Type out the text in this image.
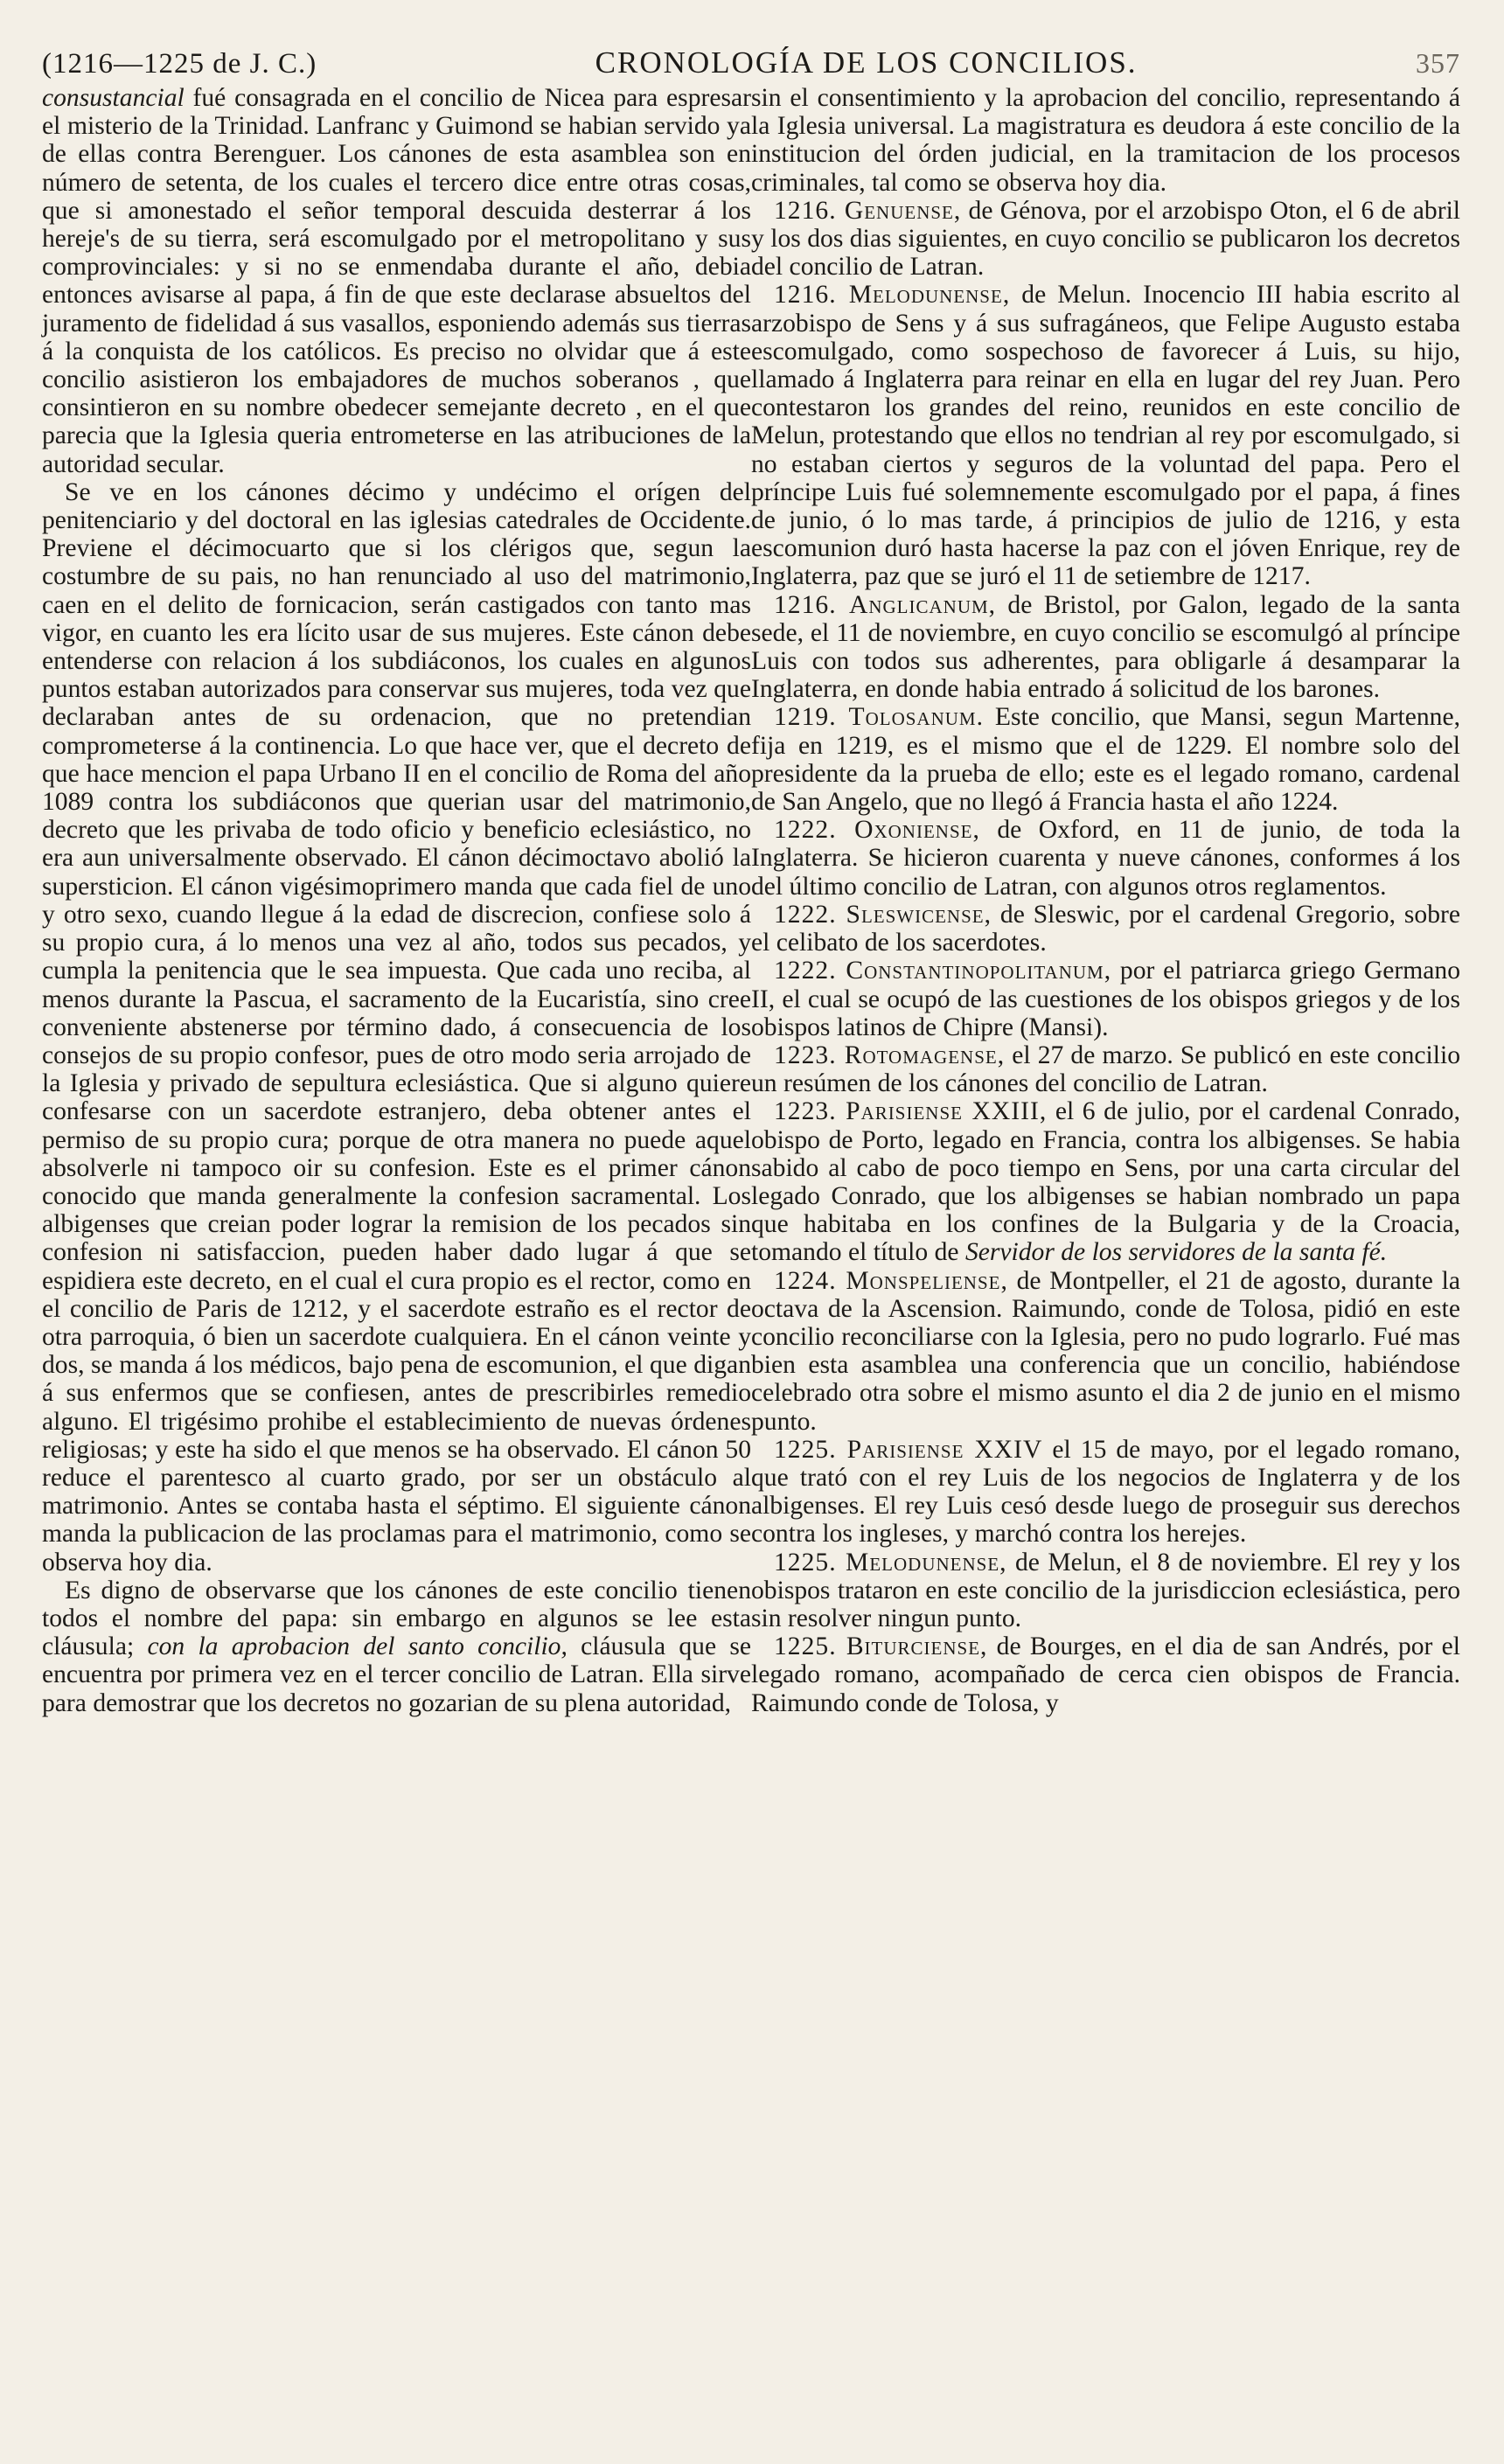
(1216—1225 de J. C.)	CRONOLOGÍA DE LOS CONCILIOS.	357

consustancial fué consagrada en el concilio de Nicea para espresar el misterio de la Trinidad. Lanfranc y Guimond se habian servido ya de ellas contra Berenguer. Los cánones de esta asamblea son en número de setenta, de los cuales el tercero dice entre otras cosas, que si amonestado el señor temporal descuida desterrar á los hereje's de su tierra, será escomulgado por el metropolitano y sus comprovinciales: y si no se enmendaba durante el año, debia entonces avisarse al papa, á fin de que este declarase absueltos del juramento de fidelidad á sus vasallos, esponiendo además sus tierras á la conquista de los católicos. Es preciso no olvidar que á este concilio asistieron los embajadores de muchos soberanos , que consintieron en su nombre obedecer semejante decreto , en el que parecia que la Iglesia queria entrometerse en las atribuciones de la autoridad secular.

Se ve en los cánones décimo y undécimo el orígen del penitenciario y del doctoral en las iglesias catedrales de Occidente. Previene el décimocuarto que si los clérigos que, segun la costumbre de su pais, no han renunciado al uso del matrimonio, caen en el delito de fornicacion, serán castigados con tanto mas vigor, en cuanto les era lícito usar de sus mujeres. Este cánon debe entenderse con relacion á los subdiáconos, los cuales en algunos puntos estaban autorizados para conservar sus mujeres, toda vez que declaraban antes de su ordenacion, que no pretendian comprometerse á la continencia. Lo que hace ver, que el decreto de que hace mencion el papa Urbano II en el concilio de Roma del año 1089 contra los subdiáconos que querian usar del matrimonio, decreto que les privaba de todo oficio y beneficio eclesiástico, no era aun universalmente observado. El cánon décimoctavo abolió la supersticion. El cánon vigésimoprimero manda que cada fiel de uno y otro sexo, cuando llegue á la edad de discrecion, confiese solo á su propio cura, á lo menos una vez al año, todos sus pecados, y cumpla la penitencia que le sea impuesta. Que cada uno reciba, al menos durante la Pascua, el sacramento de la Eucaristía, sino cree conveniente abstenerse por término dado, á consecuencia de los consejos de su propio confesor, pues de otro modo seria arrojado de la Iglesia y privado de sepultura eclesiástica. Que si alguno quiere confesarse con un sacerdote estranjero, deba obtener antes el permiso de su propio cura; porque de otra manera no puede aquel absolverle ni tampoco oir su confesion. Este es el primer cánon conocido que manda generalmente la confesion sacramental. Los albigenses que creian poder lograr la remision de los pecados sin confesion ni satisfaccion, pueden haber dado lugar á que se espidiera este decreto, en el cual el cura propio es el rector, como en el concilio de Paris de 1212, y el sacerdote estraño es el rector de otra parroquia, ó bien un sacerdote cualquiera. En el cánon veinte y dos, se manda á los médicos, bajo pena de escomunion, el que digan á sus enfermos que se confiesen, antes de prescribirles remedio alguno. El trigésimo prohibe el establecimiento de nuevas órdenes religiosas; y este ha sido el que menos se ha observado. El cánon 50 reduce el parentesco al cuarto grado, por ser un obstáculo al matrimonio. Antes se contaba hasta el séptimo. El siguiente cánon manda la publicacion de las proclamas para el matrimonio, como se observa hoy dia.

Es digno de observarse que los cánones de este concilio tienen todos el nombre del papa: sin embargo en algunos se lee esta cláusula; con la aprobacion del santo concilio, cláusula que se encuentra por primera vez en el tercer concilio de Latran. Ella sirve para demostrar que los decretos no gozarian de su plena autoridad,

sin el consentimiento y la aprobacion del concilio, representando á la Iglesia universal. La magistratura es deudora á este concilio de la institucion del órden judicial, en la tramitacion de los procesos criminales, tal como se observa hoy dia.

1216. Genuense, de Génova, por el arzobispo Oton, el 6 de abril y los dos dias siguientes, en cuyo concilio se publicaron los decretos del concilio de Latran.

1216. Melodunense, de Melun. Inocencio III habia escrito al arzobispo de Sens y á sus sufragáneos, que Felipe Augusto estaba escomulgado, como sospechoso de favorecer á Luis, su hijo, llamado á Inglaterra para reinar en ella en lugar del rey Juan. Pero contestaron los grandes del reino, reunidos en este concilio de Melun, protestando que ellos no tendrian al rey por escomulgado, si no estaban ciertos y seguros de la voluntad del papa. Pero el príncipe Luis fué solemnemente escomulgado por el papa, á fines de junio, ó lo mas tarde, á principios de julio de 1216, y esta escomunion duró hasta hacerse la paz con el jóven Enrique, rey de Inglaterra, paz que se juró el 11 de setiembre de 1217.

1216. Anglicanum, de Bristol, por Galon, legado de la santa sede, el 11 de noviembre, en cuyo concilio se escomulgó al príncipe Luis con todos sus adherentes, para obligarle á desamparar la Inglaterra, en donde habia entrado á solicitud de los barones.

1219. Tolosanum. Este concilio, que Mansi, segun Martenne, fija en 1219, es el mismo que el de 1229. El nombre solo del presidente da la prueba de ello; este es el legado romano, cardenal de San Angelo, que no llegó á Francia hasta el año 1224.

1222. Oxoniense, de Oxford, en 11 de junio, de toda la Inglaterra. Se hicieron cuarenta y nueve cánones, conformes á los del último concilio de Latran, con algunos otros reglamentos.

1222. Sleswicense, de Sleswic, por el cardenal Gregorio, sobre el celibato de los sacerdotes.

1222. Constantinopolitanum, por el patriarca griego Germano II, el cual se ocupó de las cuestiones de los obispos griegos y de los obispos latinos de Chipre (Mansi).

1223. Rotomagense, el 27 de marzo. Se publicó en este concilio un resúmen de los cánones del concilio de Latran.

1223. Parisiense XXIII, el 6 de julio, por el cardenal Conrado, obispo de Porto, legado en Francia, contra los albigenses. Se habia sabido al cabo de poco tiempo en Sens, por una carta circular del legado Conrado, que los albigenses se habian nombrado un papa que habitaba en los confines de la Bulgaria y de la Croacia, tomando el título de Servidor de los servidores de la santa fé.

1224. Monspeliense, de Montpeller, el 21 de agosto, durante la octava de la Ascension. Raimundo, conde de Tolosa, pidió en este concilio reconciliarse con la Iglesia, pero no pudo lograrlo. Fué mas bien esta asamblea una conferencia que un concilio, habiéndose celebrado otra sobre el mismo asunto el dia 2 de junio en el mismo punto.

1225. Parisiense XXIV el 15 de mayo, por el legado romano, que trató con el rey Luis de los negocios de Inglaterra y de los albigenses. El rey Luis cesó desde luego de proseguir sus derechos contra los ingleses, y marchó contra los herejes.

1225. Melodunense, de Melun, el 8 de noviembre. El rey y los obispos trataron en este concilio de la jurisdiccion eclesiástica, pero sin resolver ningun punto.

1225. Biturciense, de Bourges, en el dia de san Andrés, por el legado romano, acompañado de cerca cien obispos de Francia. Raimundo conde de Tolosa, y
